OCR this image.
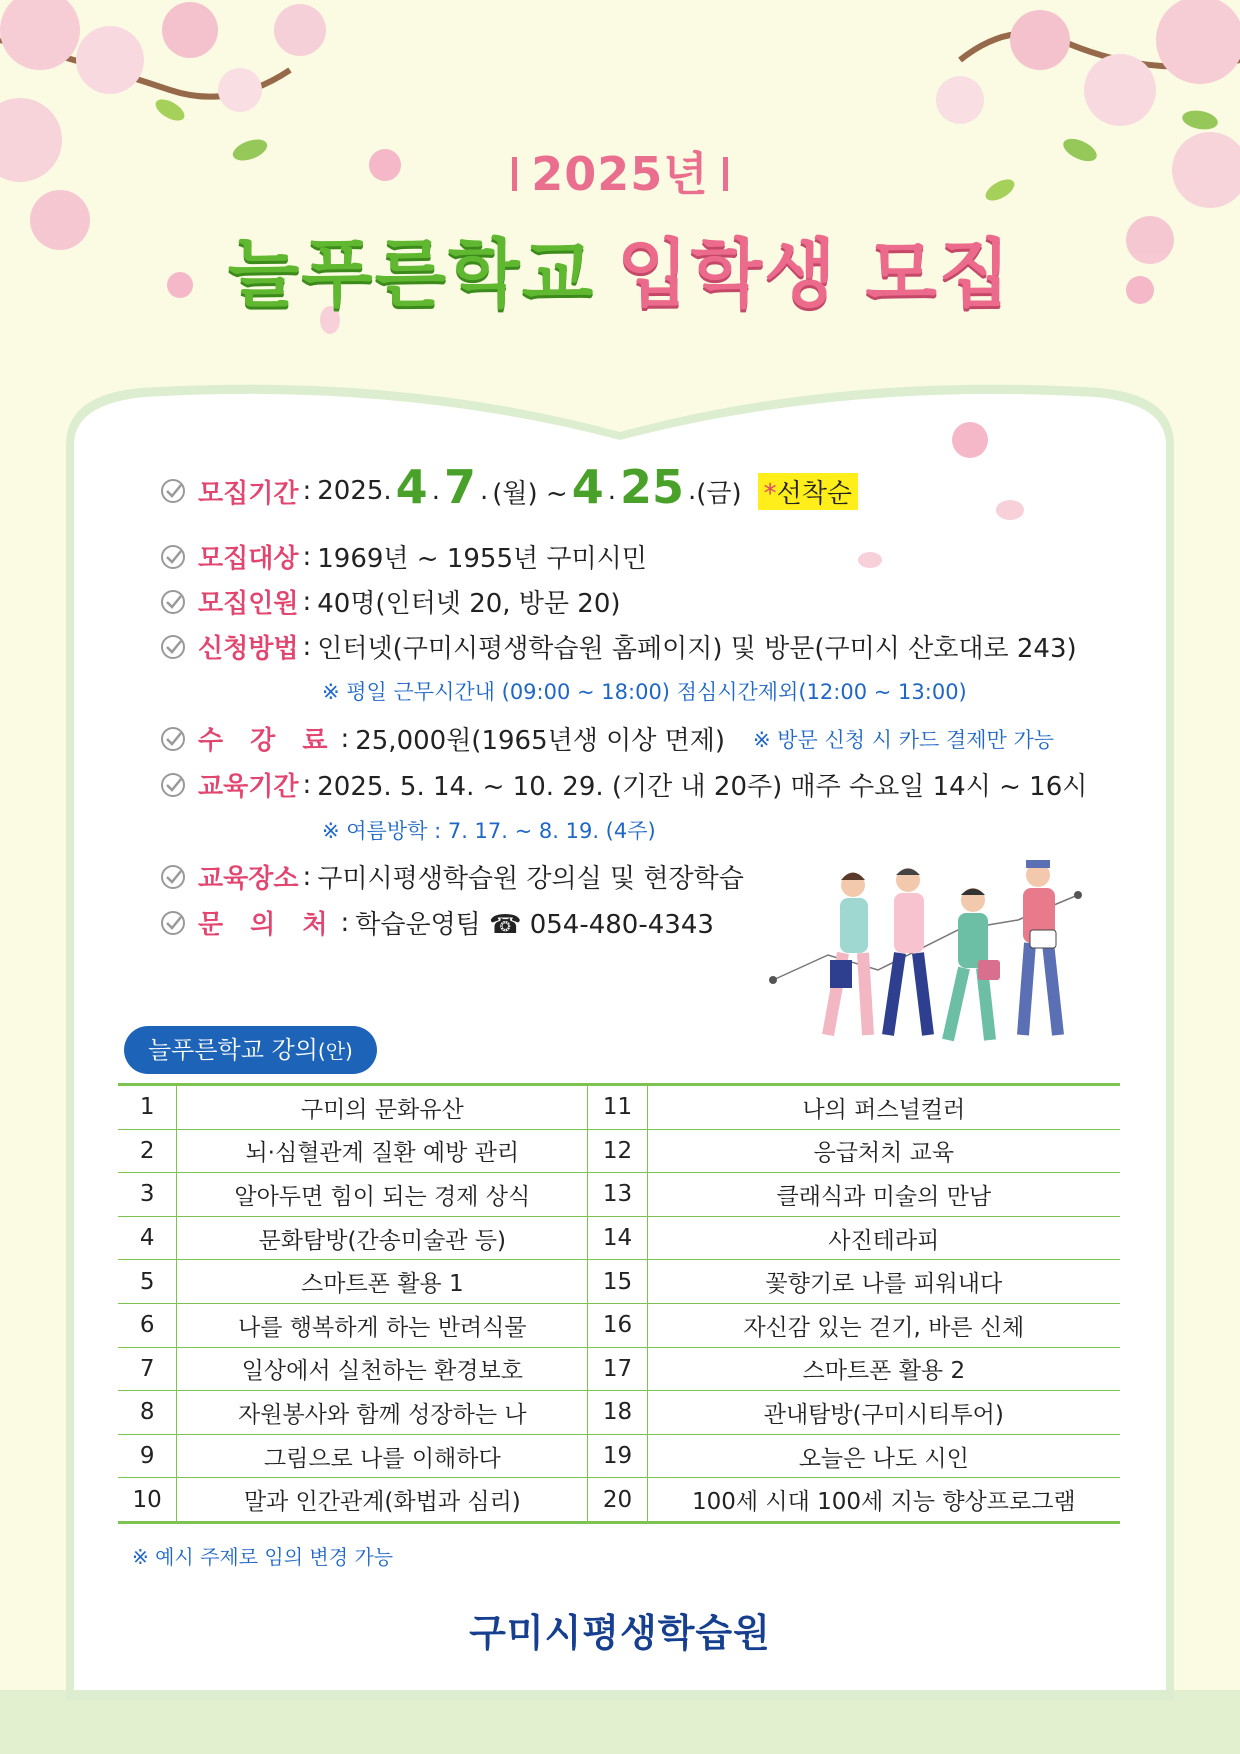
2025년
늘푸른학교 입학생 모집
모집기간 : 2025. 4 . 7 . (월) ~ 4 . 25 . (금) *선착순
모집대상 : 1969년 ~ 1955년 구미시민
모집인원 : 40명(인터넷 20, 방문 20)
신청방법 : 인터넷(구미시평생학습원 홈페이지) 및 방문(구미시 산호대로 243)
※ 평일 근무시간내 (09:00 ~ 18:00) 점심시간제외(12:00 ~ 13:00)
수 강 료 : 25,000원(1965년생 이상 면제) ※ 방문 신청 시 카드 결제만 가능
교육기간 : 2025. 5. 14. ~ 10. 29. (기간 내 20주) 매주 수요일 14시 ~ 16시
※ 여름방학 : 7. 17. ~ 8. 19. (4주)
교육장소 : 구미시평생학습원 강의실 및 현장학습
문 의 처 : 학습운영팀 ☎ 054-480-4343
늘푸른학교 강의(안)
1	구미의 문화유산	11	나의 퍼스널컬러
2	뇌·심혈관계 질환 예방 관리	12	응급처치 교육
3	알아두면 힘이 되는 경제 상식	13	클래식과 미술의 만남
4	문화탐방(간송미술관 등)	14	사진테라피
5	스마트폰 활용 1	15	꽃향기로 나를 피워내다
6	나를 행복하게 하는 반려식물	16	자신감 있는 걷기, 바른 신체
7	일상에서 실천하는 환경보호	17	스마트폰 활용 2
8	자원봉사와 함께 성장하는 나	18	관내탐방(구미시티투어)
9	그림으로 나를 이해하다	19	오늘은 나도 시인
10	말과 인간관계(화법과 심리)	20	100세 시대 100세 지능 향상프로그램
※ 예시 주제로 임의 변경 가능
구미시평생학습원
